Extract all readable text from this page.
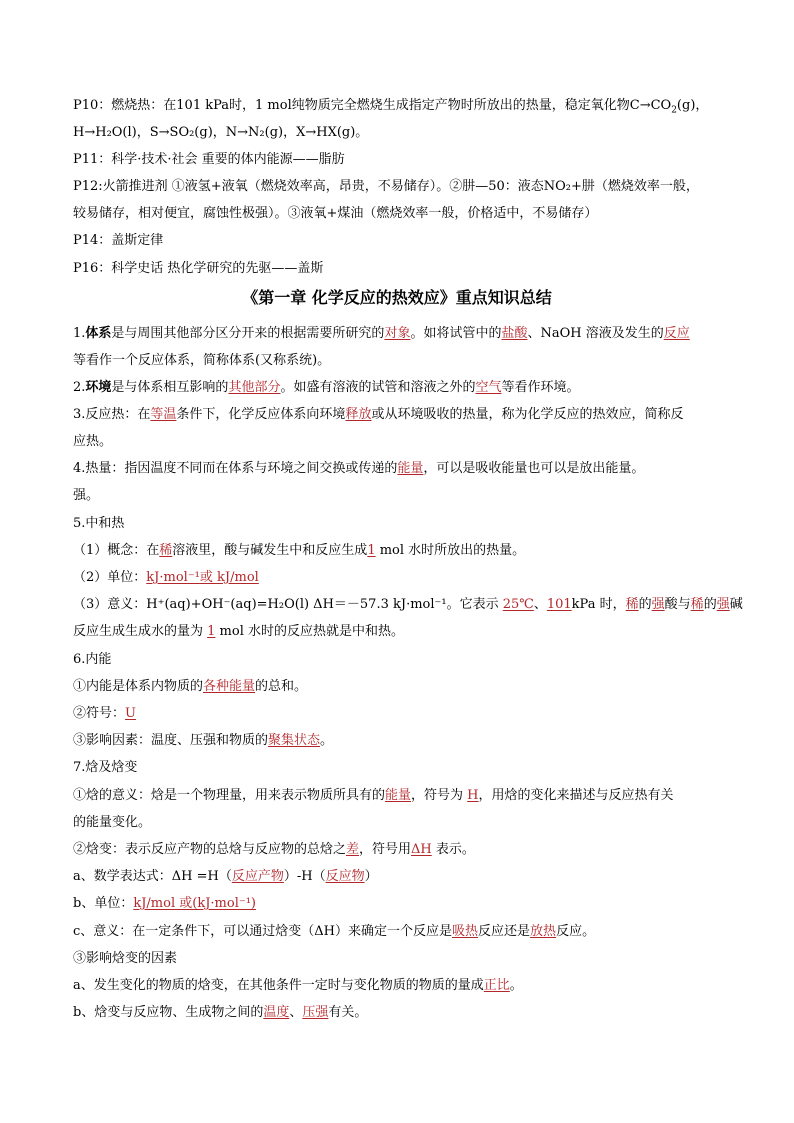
P10：燃烧热：在101 kPa时，1 mol纯物质完全燃烧生成指定产物时所放出的热量，稳定氧化物$C\to CO_2(g)$，
H→H₂O(l)，S→SO₂(g)，N→N₂(g)，X→HX(g)。
P11：科学·技术·社会 重要的体内能源——脂肪
P12:火箭推进剂 ①液氢+液氧（燃烧效率高，昂贵，不易储存）。②肼—50：液态NO₂+肼（燃烧效率一般，
较易储存，相对便宜，腐蚀性极强）。③液氧+煤油（燃烧效率一般，价格适中，不易储存）
P14：盖斯定律
P16：科学史话 热化学研究的先驱——盖斯
《第一章 化学反应的热效应》重点知识总结
1.体系是与周围其他部分区分开来的根据需要所研究的对象。如将试管中的盐酸、NaOH 溶液及发生的反应
等看作一个反应体系，简称体系(又称系统)。
2.环境是与体系相互影响的其他部分。如盛有溶液的试管和溶液之外的空气等看作环境。
3.反应热：在等温条件下，化学反应体系向环境释放或从环境吸收的热量，称为化学反应的热效应，简称反
应热。
4.热量：指因温度不同而在体系与环境之间交换或传递的能量，可以是吸收能量也可以是放出能量。
强。
5.中和热
（1）概念：在稀溶液里，酸与碱发生中和反应生成1 mol 水时所放出的热量。
（2）单位：kJ·mol⁻¹或 kJ/mol
（3）意义：H⁺(aq)+OH⁻(aq)=H₂O(l) ΔH＝－57.3 kJ·mol⁻¹。它表示 25℃、101kPa 时，稀的强酸与稀的强碱
反应生成生成水的量为 1 mol 水时的反应热就是中和热。
6.内能
①内能是体系内物质的各种能量的总和。
②符号：U
③影响因素：温度、压强和物质的聚集状态。
7.焓及焓变
①焓的意义：焓是一个物理量，用来表示物质所具有的能量，符号为 H，用焓的变化来描述与反应热有关
的能量变化。
②焓变：表示反应产物的总焓与反应物的总焓之差，符号用ΔH 表示。
a、数学表达式：ΔH =H（反应产物）-H（反应物）
b、单位：kJ/mol 或(kJ·mol⁻¹)
c、意义：在一定条件下，可以通过焓变（ΔH）来确定一个反应是吸热反应还是放热反应。
③影响焓变的因素
a、发生变化的物质的焓变，在其他条件一定时与变化物质的物质的量成正比。
b、焓变与反应物、生成物之间的温度、压强有关。
